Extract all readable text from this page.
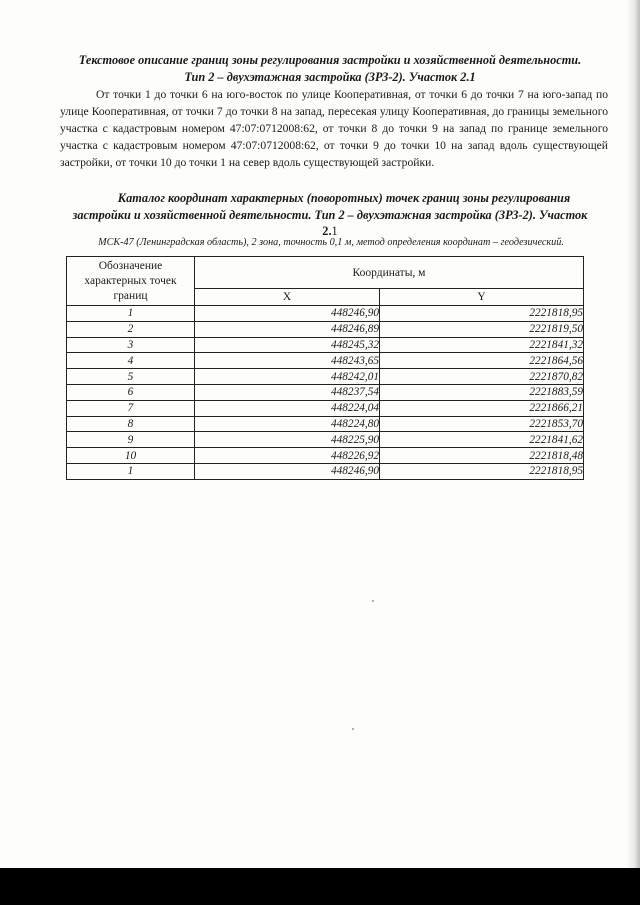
Текстовое описание границ зоны регулирования застройки и хозяйственной деятельности.
Тип 2 – двухэтажная застройка (ЗРЗ-2). Участок 2.1
От точки 1 до точки 6 на юго-восток по улице Кооперативная, от точки 6 до точки 7 на юго-запад по улице Кооперативная, от точки 7 до точки 8 на запад, пересекая улицу Кооперативная, до границы земельного участка с кадастровым номером 47:07:0712008:62, от точки 8 до точки 9 на запад по границе земельного участка с кадастровым номером 47:07:0712008:62, от точки 9 до точки 10 на запад вдоль существующей застройки, от точки 10 до точки 1 на север вдоль существующей застройки.
Каталог координат характерных (поворотных) точек границ зоны регулирования
застройки и хозяйственной деятельности. Тип 2 – двухэтажная застройка (ЗРЗ-2). Участок
2.1
МСК-47 (Ленинградская область), 2 зона, точность 0,1 м, метод определения координат – геодезический.
Обозначение характерных точек границ	Координаты, м	
	X	Y
1	448246,90	2221818,95
2	448246,89	2221819,50
3	448245,32	2221841,32
4	448243,65	2221864,56
5	448242,01	2221870,82
6	448237,54	2221883,59
7	448224,04	2221866,21
8	448224,80	2221853,70
9	448225,90	2221841,62
10	448226,92	2221818,48
1	448246,90	2221818,95
